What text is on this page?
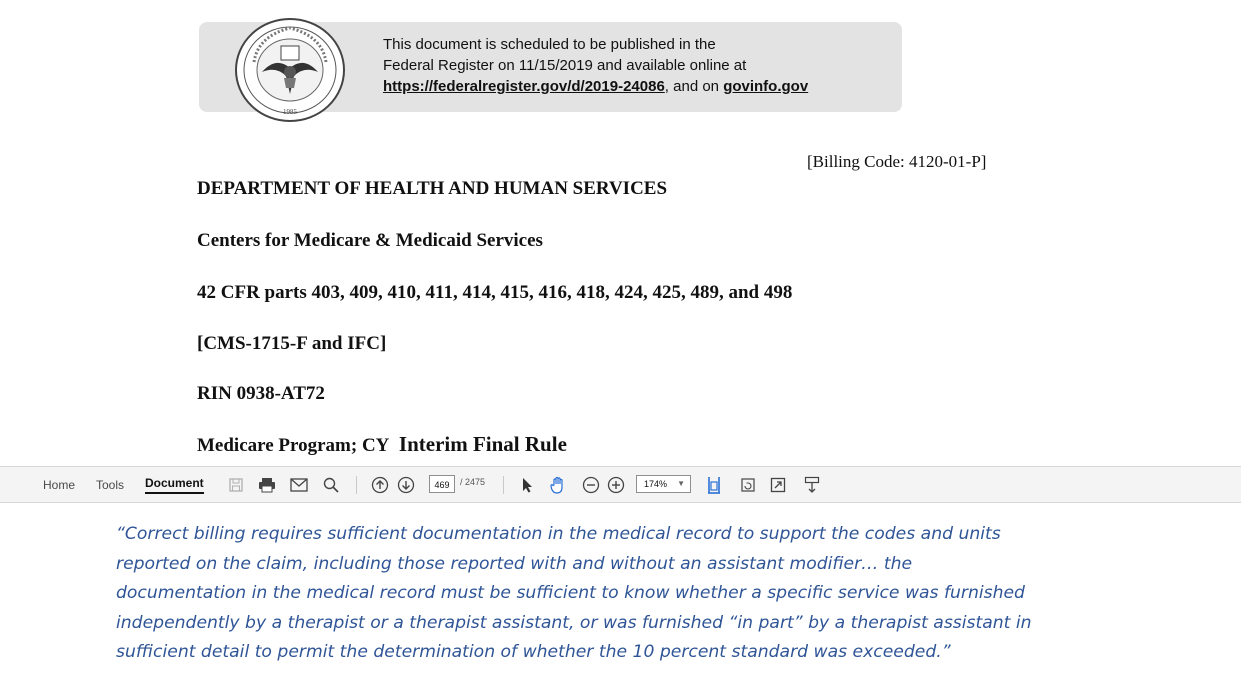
1985
This document is scheduled to be published in the
Federal Register on 11/15/2019 and available online at
https://federalregister.gov/d/2019-24086, and on govinfo.gov
[Billing Code: 4120-01-P]
DEPARTMENT OF HEALTH AND HUMAN SERVICES
Centers for Medicare & Medicaid Services
42 CFR parts 403, 409, 410, 411, 414, 415, 416, 418, 424, 425, 489, and 498
[CMS-1715-F and IFC]
RIN 0938-AT72
Medicare Program; CY Interim Final Rule
Home Tools Document	469	/ 2475	174% ▼
“Correct billing requires sufficient documentation in the medical record to support the codes and units
reported on the claim, including those reported with and without an assistant modifier… the
documentation in the medical record must be sufficient to know whether a specific service was furnished
independently by a therapist or a therapist assistant, or was furnished “in part” by a therapist assistant in
sufficient detail to permit the determination of whether the 10 percent standard was exceeded.”
